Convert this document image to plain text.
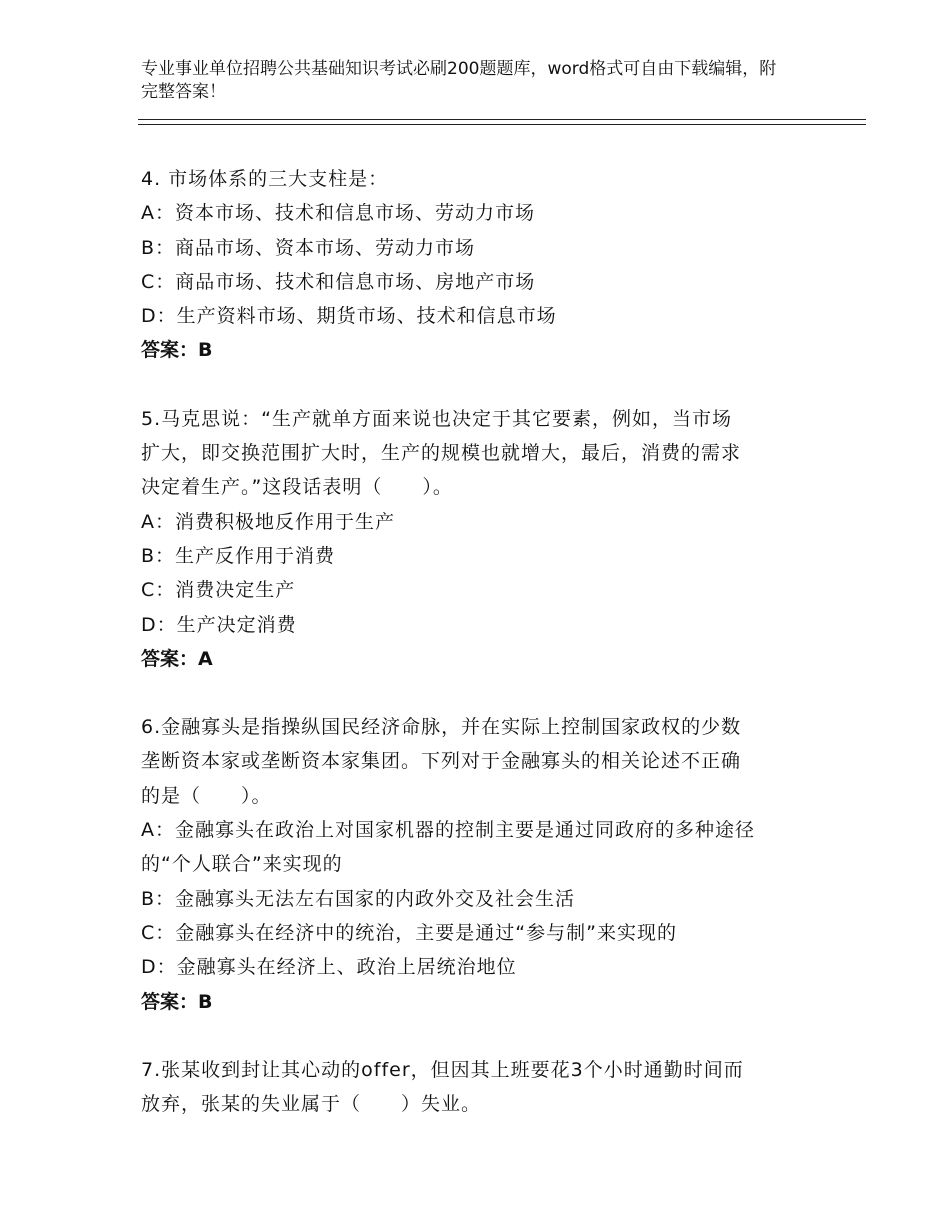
专业事业单位招聘公共基础知识考试必刷200题题库，word格式可自由下载编辑，附完整答案！
4. 市场体系的三大支柱是：
A：资本市场、技术和信息市场、劳动力市场
B：商品市场、资本市场、劳动力市场
C：商品市场、技术和信息市场、房地产市场
D：生产资料市场、期货市场、技术和信息市场
答案：B
5.马克思说：“生产就单方面来说也决定于其它要素，例如，当市场
扩大，即交换范围扩大时，生产的规模也就增大，最后，消费的需求
决定着生产。”这段话表明（　　）。
A：消费积极地反作用于生产
B：生产反作用于消费
C：消费决定生产
D：生产决定消费
答案：A
6.金融寡头是指操纵国民经济命脉，并在实际上控制国家政权的少数
垄断资本家或垄断资本家集团。下列对于金融寡头的相关论述不正确
的是（　　）。
A：金融寡头在政治上对国家机器的控制主要是通过同政府的多种途径
的“个人联合”来实现的
B：金融寡头无法左右国家的内政外交及社会生活
C：金融寡头在经济中的统治，主要是通过“参与制”来实现的
D：金融寡头在经济上、政治上居统治地位
答案：B
7.张某收到封让其心动的offer，但因其上班要花3个小时通勤时间而
放弃，张某的失业属于（　　）失业。
